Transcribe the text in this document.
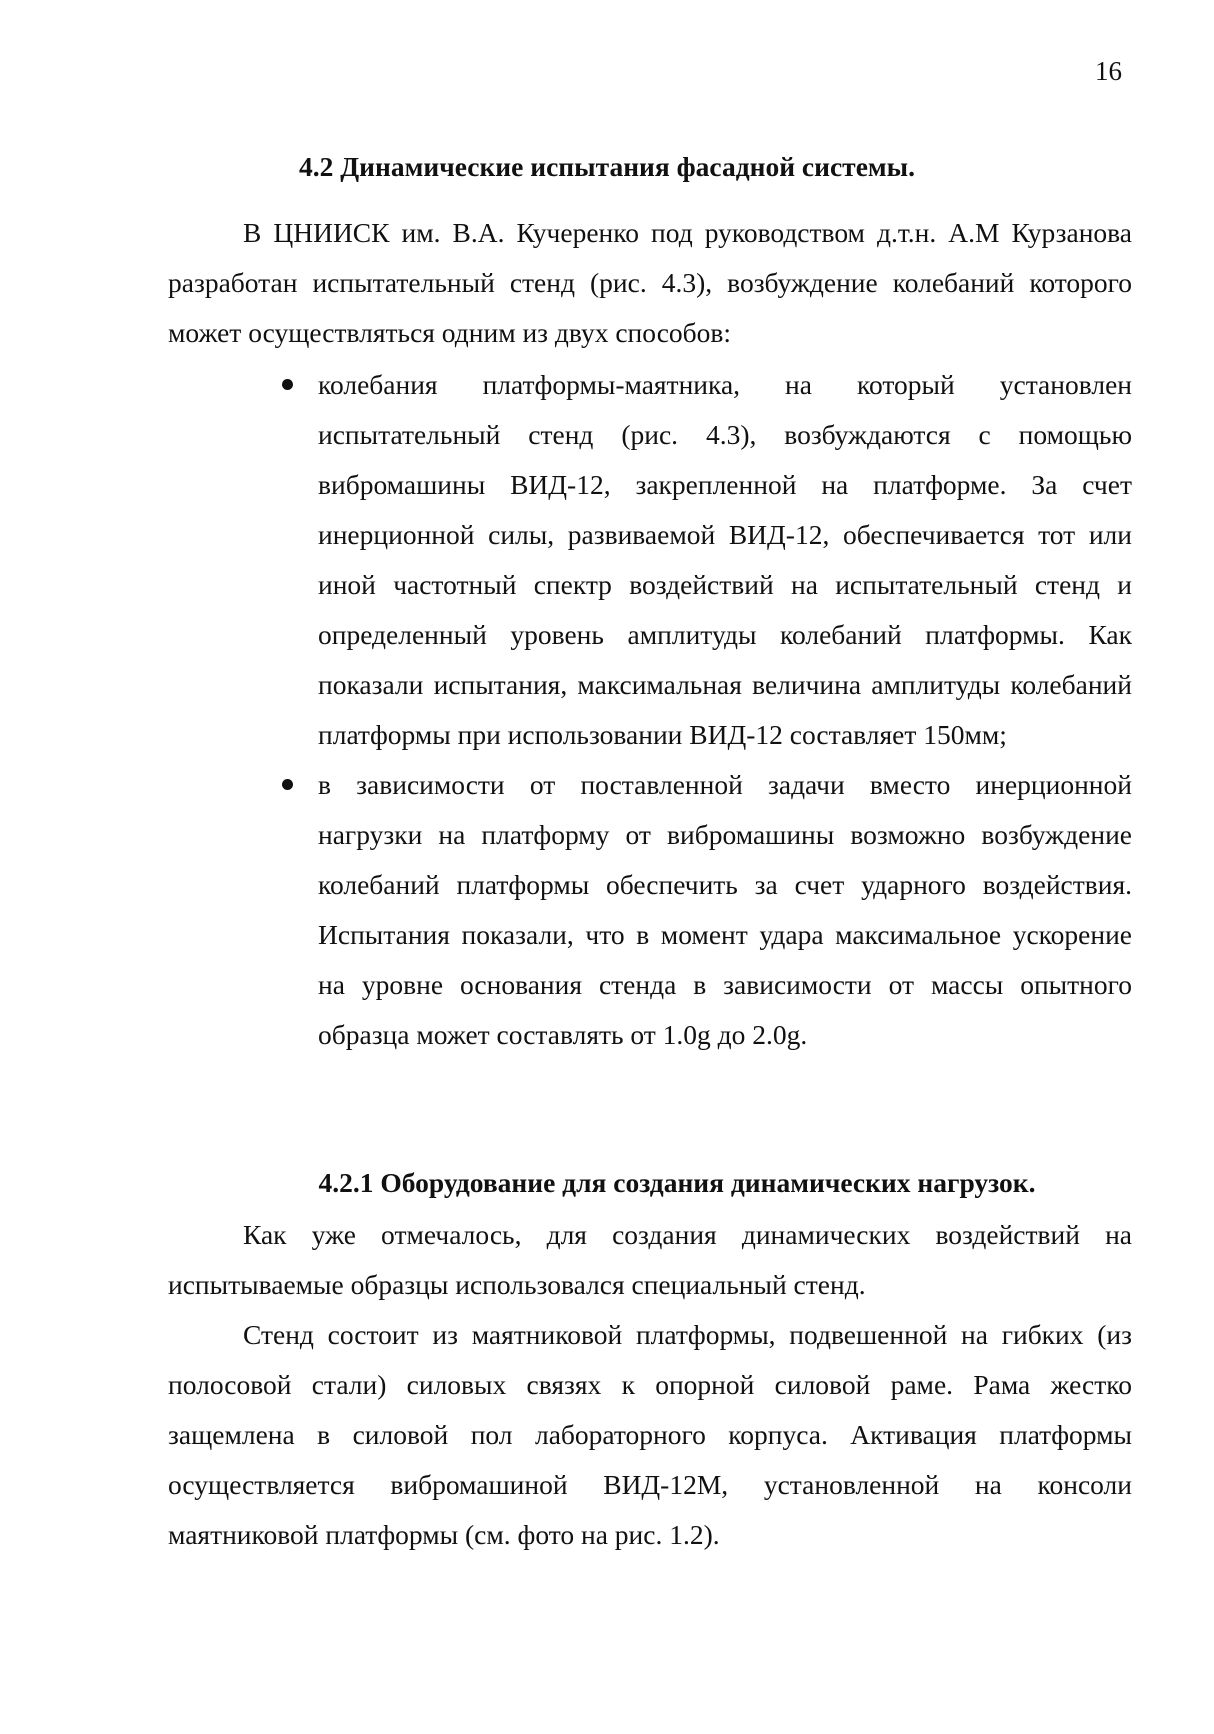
16
4.2 Динамические испытания фасадной системы.

В ЦНИИСК им. В.А. Кучеренко под руководством д.т.н. А.М Курзанова разработан испытательный стенд (рис. 4.3), возбуждение колебаний которого может осуществляться одним из двух способов:

колебания платформы-маятника, на который установлен испытательный стенд (рис. 4.3), возбуждаются с помощью вибромашины ВИД-12, закрепленной на платформе. За счет инерционной силы, развиваемой ВИД-12, обеспечивается тот или иной частотный спектр воздействий на испытательный стенд и определенный уровень амплитуды колебаний платформы. Как показали испытания, максимальная величина амплитуды колебаний платформы при использовании ВИД-12 составляет 150мм;
в зависимости от поставленной задачи вместо инерционной нагрузки на платформу от вибромашины возможно возбуждение колебаний платформы обеспечить за счет ударного воздействия. Испытания показали, что в момент удара максимальное ускорение на уровне основания стенда в зависимости от массы опытного образца может составлять от 1.0g до 2.0g.
4.2.1 Оборудование для создания динамических нагрузок.

Как уже отмечалось, для создания динамических воздействий на испытываемые образцы использовался специальный стенд.

Стенд состоит из маятниковой платформы, подвешенной на гибких (из полосовой стали) силовых связях к опорной силовой раме. Рама жестко защемлена в силовой пол лабораторного корпуса. Активация платформы осуществляется вибромашиной ВИД-12М, установленной на консоли маятниковой платформы (см. фото на рис. 1.2).
